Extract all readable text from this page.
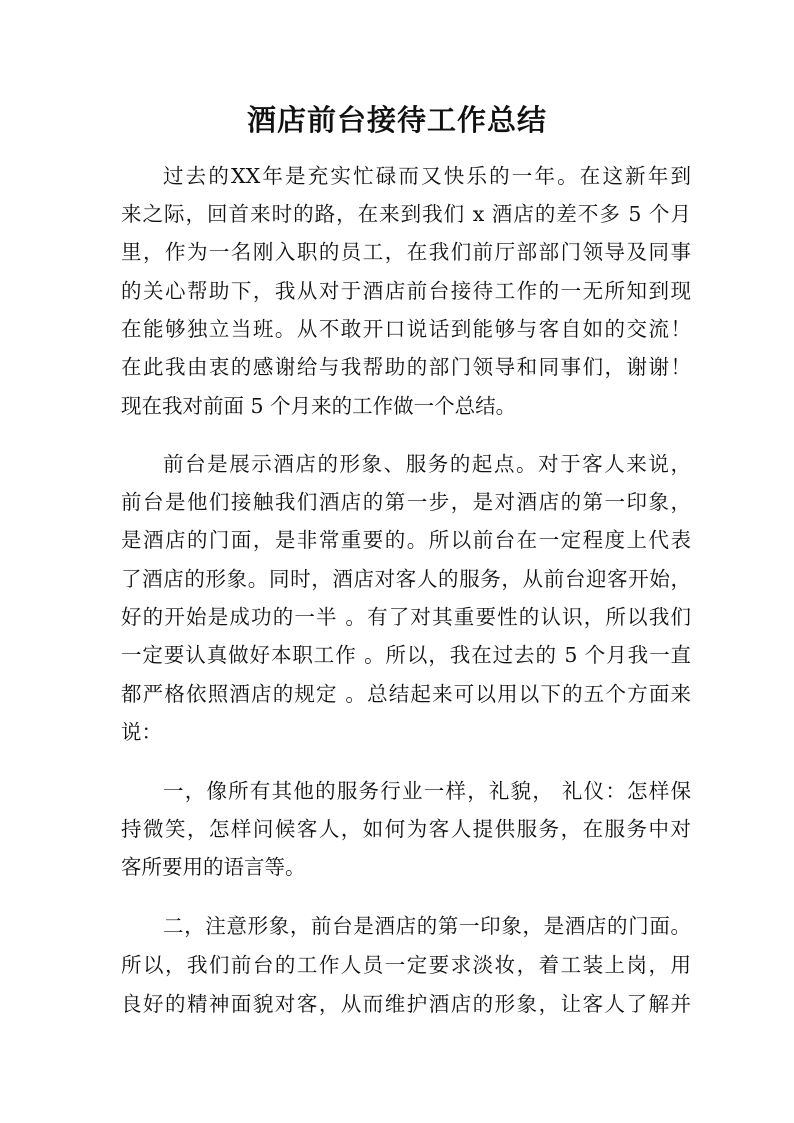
酒店前台接待工作总结
过去的XX年是充实忙碌而又快乐的一年。在这新年到
来之际，回首来时的路，在来到我们 x 酒店的差不多 5 个月
里，作为一名刚入职的员工，在我们前厅部部门领导及同事
的关心帮助下，我从对于酒店前台接待工作的一无所知到现
在能够独立当班。从不敢开口说话到能够与客自如的交流！
在此我由衷的感谢给与我帮助的部门领导和同事们，谢谢！
现在我对前面 5 个月来的工作做一个总结。
前台是展示酒店的形象、服务的起点。对于客人来说，
前台是他们接触我们酒店的第一步，是对酒店的第一印象，
是酒店的门面，是非常重要的。所以前台在一定程度上代表
了酒店的形象。同时，酒店对客人的服务，从前台迎客开始，
好的开始是成功的一半 。有了对其重要性的认识，所以我们
一定要认真做好本职工作 。所以，我在过去的 5 个月我一直
都严格依照酒店的规定 。总结起来可以用以下的五个方面来
说：
一，像所有其他的服务行业一样，礼貌， 礼仪：怎样保
持微笑，怎样问候客人，如何为客人提供服务，在服务中对
客所要用的语言等。
二，注意形象，前台是酒店的第一印象，是酒店的门面。
所以，我们前台的工作人员一定要求淡妆，着工装上岗，用
良好的精神面貌对客，从而维护酒店的形象，让客人了解并
